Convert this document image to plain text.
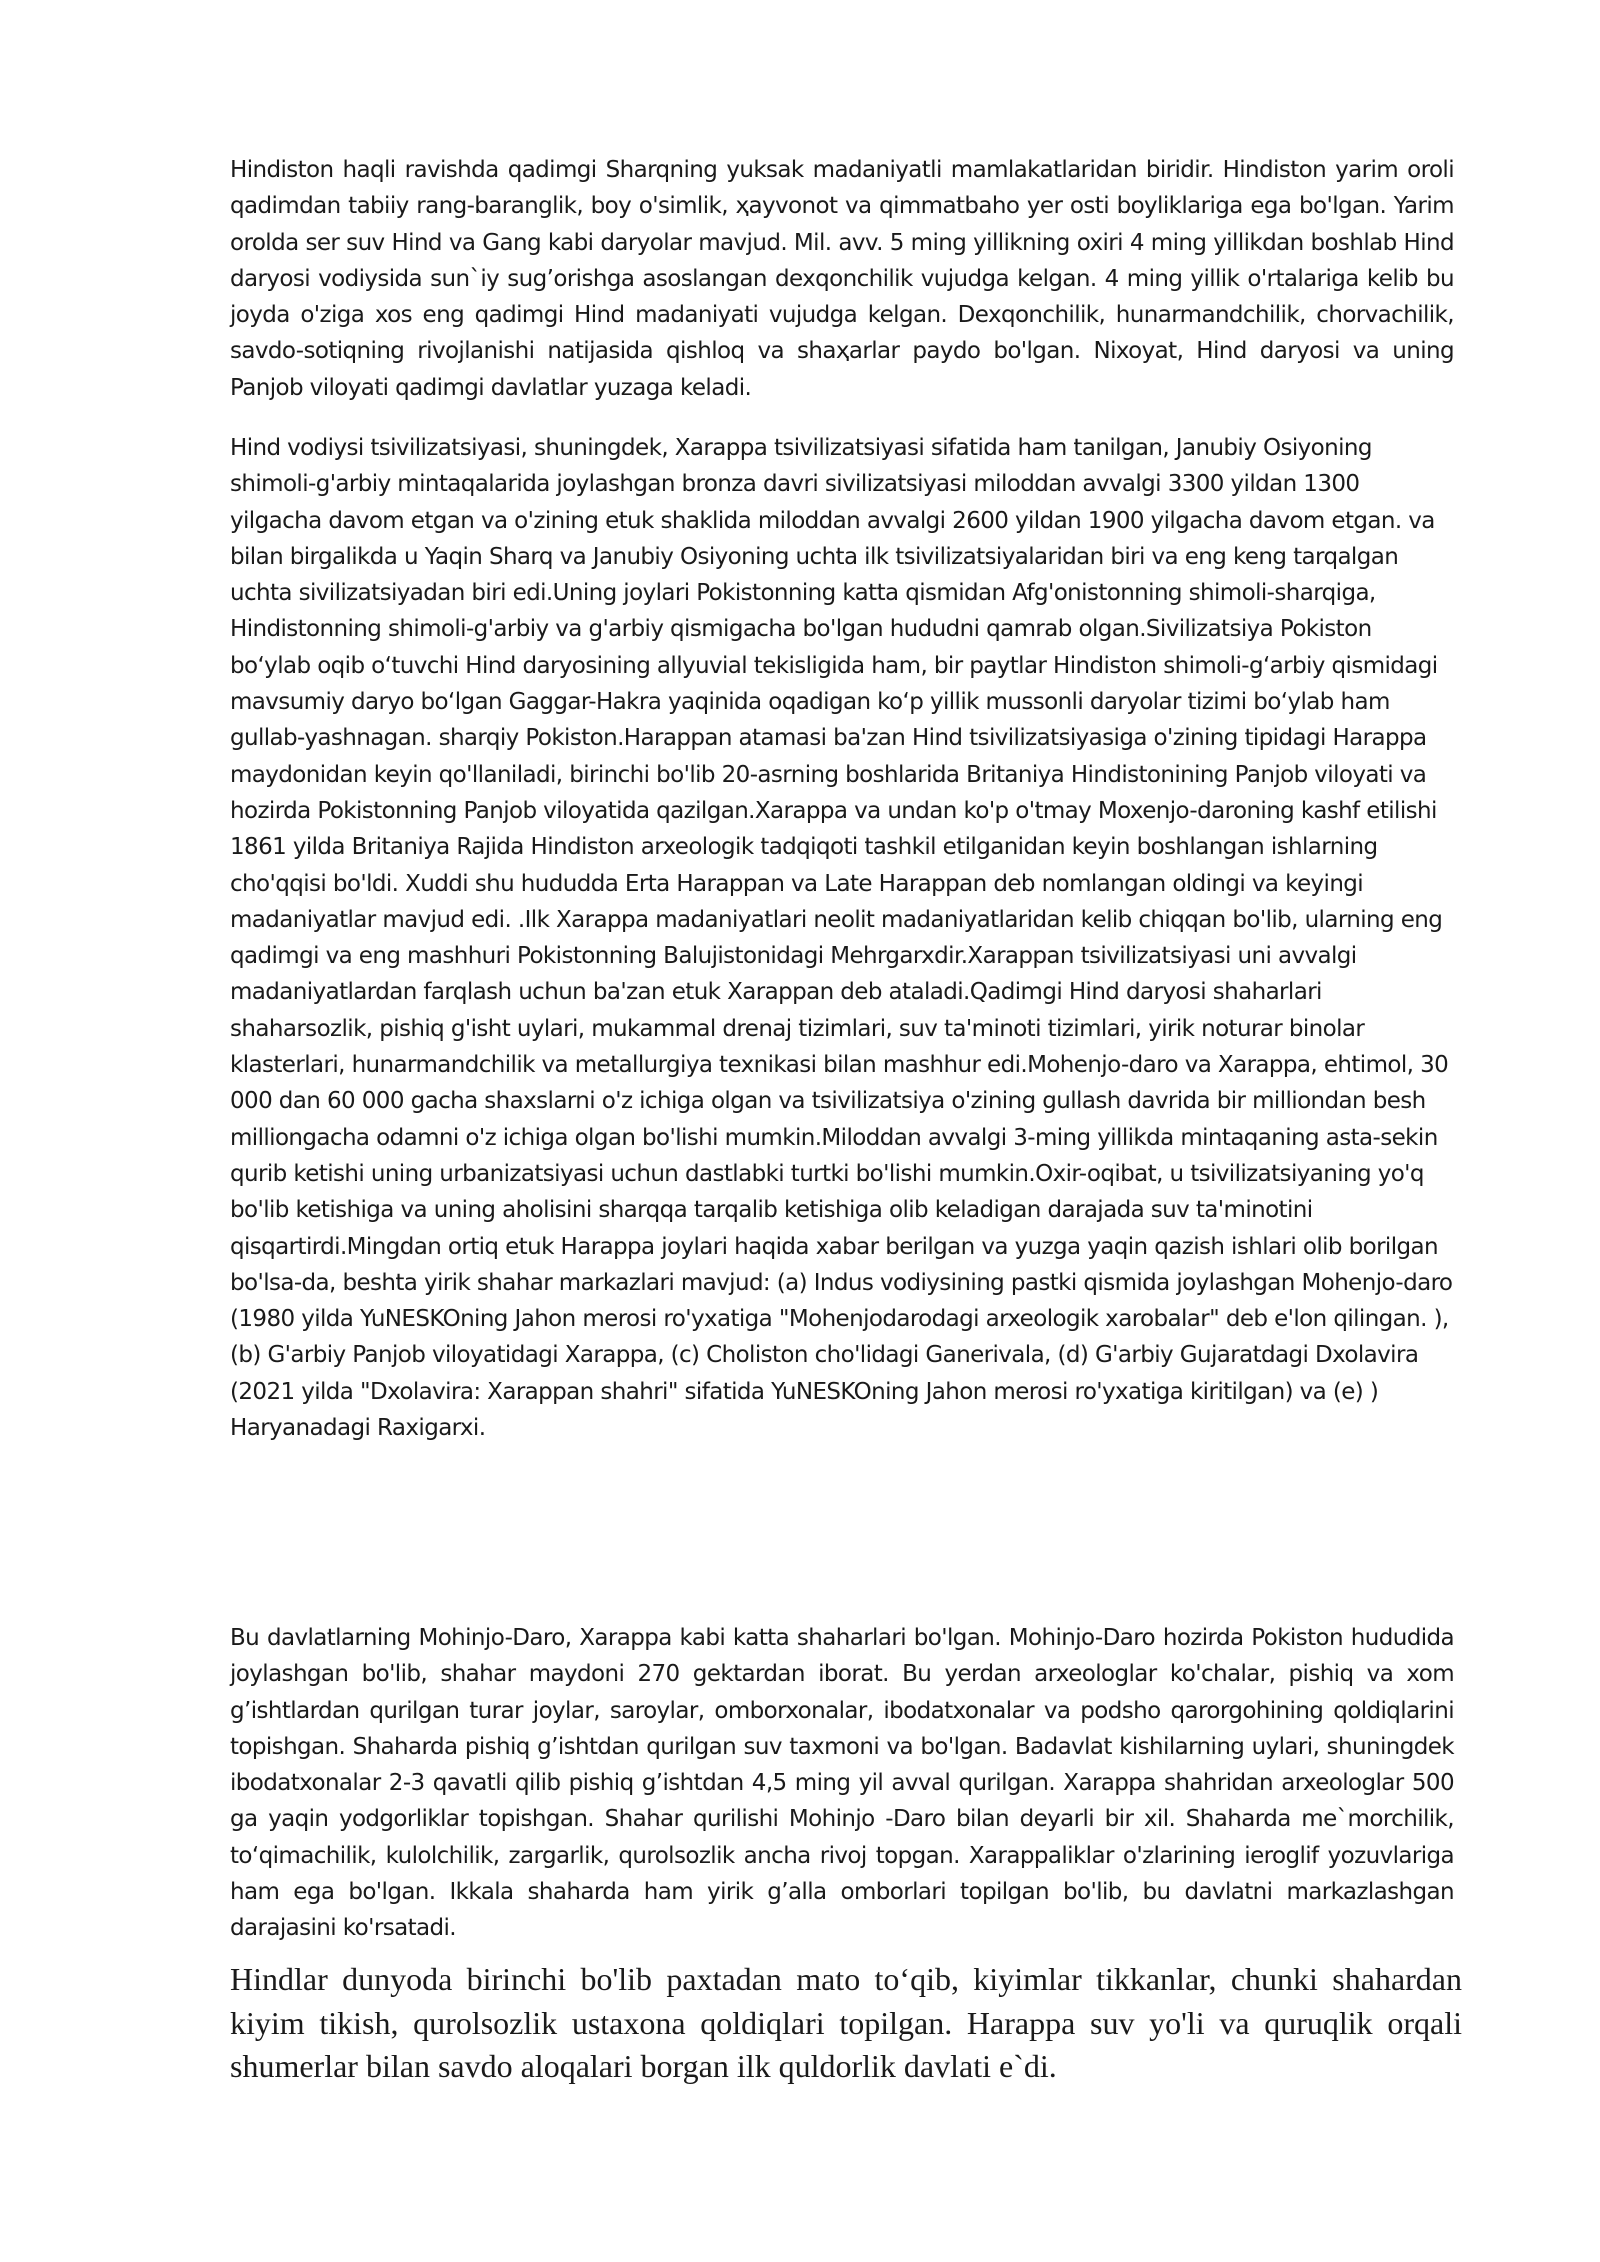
Hindiston haqli ravishda qadimgi Sharqning yuksak madaniyatli mamlakatlaridan biridir. Hindiston yarim oroli qadimdan tabiiy rang-baranglik, boy o'simlik, ҳayvonot va qimmatbaho yer osti boyliklariga ega bo'lgan. Yarim orolda ser suv Hind va Gang kabi daryolar mavjud. Mil. avv. 5 ming yillikning oxiri 4 ming yillikdan boshlab Hind daryosi vodiysida sun`iy sug’orishga asoslangan dexqonchilik vujudga kelgan. 4 ming yillik o'rtalariga kelib bu joyda o'ziga xos eng qadimgi Hind madaniyati vujudga kelgan. Dexqonchilik, hunarmandchilik, chorvachilik, savdo-sotiqning rivojlanishi natijasida qishloq va shaҳarlar paydo bo'lgan. Nixoyat, Hind daryosi va uning Panjob viloyati qadimgi davlatlar yuzaga keladi.

Hind vodiysi tsivilizatsiyasi, shuningdek, Xarappa tsivilizatsiyasi sifatida ham tanilgan, Janubiy Osiyoning shimoli-g'arbiy mintaqalarida joylashgan bronza davri sivilizatsiyasi miloddan avvalgi 3300 yildan 1300 yilgacha davom etgan va o'zining etuk shaklida miloddan avvalgi 2600 yildan 1900 yilgacha davom etgan. va bilan birgalikda u Yaqin Sharq va Janubiy Osiyoning uchta ilk tsivilizatsiyalaridan biri va eng keng tarqalgan uchta sivilizatsiyadan biri edi.Uning joylari Pokistonning katta qismidan Afg'onistonning shimoli-sharqiga, Hindistonning shimoli-g'arbiy va g'arbiy qismigacha bo'lgan hududni qamrab olgan.Sivilizatsiya Pokiston bo‘ylab oqib o‘tuvchi Hind daryosining allyuvial tekisligida ham, bir paytlar Hindiston shimoli-g‘arbiy qismidagi mavsumiy daryo bo‘lgan Gaggar-Hakra yaqinida oqadigan ko‘p yillik mussonli daryolar tizimi bo‘ylab ham gullab-yashnagan. sharqiy Pokiston.Harappan atamasi ba'zan Hind tsivilizatsiyasiga o'zining tipidagi Harappa maydonidan keyin qo'llaniladi, birinchi bo'lib 20-asrning boshlarida Britaniya Hindistonining Panjob viloyati va hozirda Pokistonning Panjob viloyatida qazilgan.Xarappa va undan ko'p o'tmay Moxenjo-daroning kashf etilishi 1861 yilda Britaniya Rajida Hindiston arxeologik tadqiqoti tashkil etilganidan keyin boshlangan ishlarning cho'qqisi bo'ldi. Xuddi shu hududda Erta Harappan va Late Harappan deb nomlangan oldingi va keyingi madaniyatlar mavjud edi. .Ilk Xarappa madaniyatlari neolit madaniyatlaridan kelib chiqqan bo'lib, ularning eng qadimgi va eng mashhuri Pokistonning Balujistonidagi Mehrgarxdir.Xarappan tsivilizatsiyasi uni avvalgi madaniyatlardan farqlash uchun ba'zan etuk Xarappan deb ataladi.Qadimgi Hind daryosi shaharlari shaharsozlik, pishiq g'isht uylari, mukammal drenaj tizimlari, suv ta'minoti tizimlari, yirik noturar binolar klasterlari, hunarmandchilik va metallurgiya texnikasi bilan mashhur edi.Mohenjo-daro va Xarappa, ehtimol, 30 000 dan 60 000 gacha shaxslarni o'z ichiga olgan va tsivilizatsiya o'zining gullash davrida bir milliondan besh milliongacha odamni o'z ichiga olgan bo'lishi mumkin.Miloddan avvalgi 3-ming yillikda mintaqaning asta-sekin qurib ketishi uning urbanizatsiyasi uchun dastlabki turtki bo'lishi mumkin.Oxir-oqibat, u tsivilizatsiyaning yo'q bo'lib ketishiga va uning aholisini sharqqa tarqalib ketishiga olib keladigan darajada suv ta'minotini qisqartirdi.Mingdan ortiq etuk Harappa joylari haqida xabar berilgan va yuzga yaqin qazish ishlari olib borilgan bo'lsa-da, beshta yirik shahar markazlari mavjud: (a) Indus vodiysining pastki qismida joylashgan Mohenjo-daro (1980 yilda YuNESKOning Jahon merosi ro'yxatiga "Mohenjodarodagi arxeologik xarobalar" deb e'lon qilingan. ), (b) G'arbiy Panjob viloyatidagi Xarappa, (c) Choliston cho'lidagi Ganerivala, (d) G'arbiy Gujaratdagi Dxolavira (2021 yilda "Dxolavira: Xarappan shahri" sifatida YuNESKOning Jahon merosi ro'yxatiga kiritilgan) va (e) ) Haryanadagi Raxigarxi.

Bu davlatlarning Mohinjo-Daro, Xarappa kabi katta shaharlari bo'lgan. Mohinjo-Daro hozirda Pokiston hududida joylashgan bo'lib, shahar maydoni 270 gektardan iborat. Bu yerdan arxeologlar ko'chalar, pishiq va xom g’ishtlardan qurilgan turar joylar, saroylar, omborxonalar, ibodatxonalar va podsho qarorgohining qoldiqlarini topishgan. Shaharda pishiq g’ishtdan qurilgan suv taxmoni va bo'lgan. Badavlat kishilarning uylari, shuningdek ibodatxonalar 2-3 qavatli qilib pishiq g’ishtdan 4,5 ming yil avval qurilgan. Xarappa shahridan arxeologlar 500 ga yaqin yodgorliklar topishgan. Shahar qurilishi Mohinjo -Daro bilan deyarli bir xil. Shaharda me`morchilik, to‘qimachilik, kulolchilik, zargarlik, qurolsozlik ancha rivoj topgan. Xarappaliklar o'zlarining ieroglif yozuvlariga ham ega bo'lgan. Ikkala shaharda ham yirik g’alla omborlari topilgan bo'lib, bu davlatni markazlashgan darajasini ko'rsatadi.

Hindlar dunyoda birinchi bo'lib paxtadan mato to‘qib, kiyimlar tikkanlar, chunki shahardan kiyim tikish, qurolsozlik ustaxona qoldiqlari topilgan. Harappa suv yo'li va quruqlik orqali shumerlar bilan savdo aloqalari borgan ilk quldorlik davlati e`di.
